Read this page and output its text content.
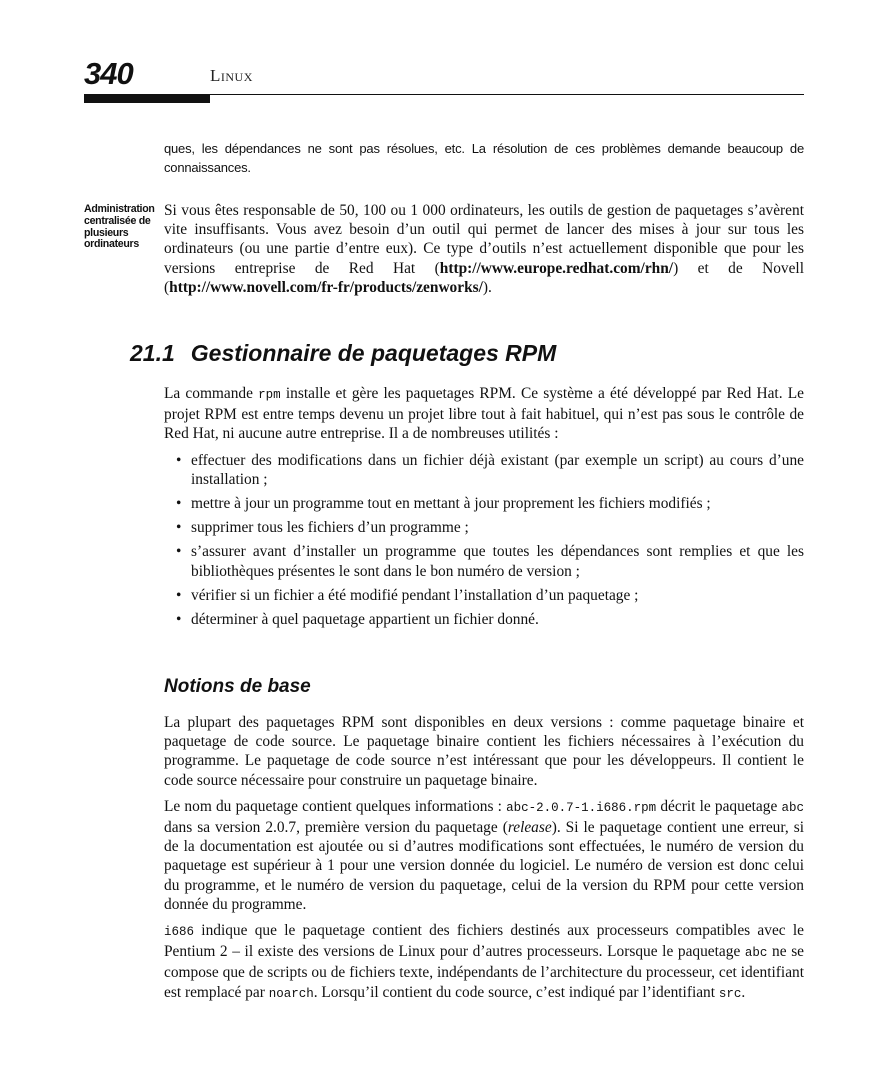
340	Linux

ques, les dépendances ne sont pas résolues, etc. La résolution de ces problèmes demande beaucoup de connaissances.

Administration centralisée de plusieurs ordinateurs

Si vous êtes responsable de 50, 100 ou 1 000 ordinateurs, les outils de gestion de paquetages s’avèrent vite insuffisants. Vous avez besoin d’un outil qui permet de lancer des mises à jour sur tous les ordinateurs (ou une partie d’entre eux). Ce type d’outils n’est actuellement disponible que pour les versions entreprise de Red Hat (http://www.europe.redhat.com/rhn/) et de Novell (http://www.novell.com/fr-fr/products/zenworks/).

21.1 Gestionnaire de paquetages RPM

La commande rpm installe et gère les paquetages RPM. Ce système a été développé par Red Hat. Le projet RPM est entre temps devenu un projet libre tout à fait habituel, qui n’est pas sous le contrôle de Red Hat, ni aucune autre entreprise. Il a de nombreuses utilités :

• effectuer des modifications dans un fichier déjà existant (par exemple un script) au cours d’une installation ;
• mettre à jour un programme tout en mettant à jour proprement les fichiers modifiés ;
• supprimer tous les fichiers d’un programme ;
• s’assurer avant d’installer un programme que toutes les dépendances sont remplies et que les bibliothèques présentes le sont dans le bon numéro de version ;
• vérifier si un fichier a été modifié pendant l’installation d’un paquetage ;
• déterminer à quel paquetage appartient un fichier donné.
Notions de base

La plupart des paquetages RPM sont disponibles en deux versions : comme paquetage binaire et paquetage de code source. Le paquetage binaire contient les fichiers nécessaires à l’exécution du programme. Le paquetage de code source n’est intéressant que pour les développeurs. Il contient le code source nécessaire pour construire un paquetage binaire.

Le nom du paquetage contient quelques informations : abc-2.0.7-1.i686.rpm décrit le paquetage abc dans sa version 2.0.7, première version du paquetage (release). Si le paquetage contient une erreur, si de la documentation est ajoutée ou si d’autres modifications sont effectuées, le numéro de version du paquetage est supérieur à 1 pour une version donnée du logiciel. Le numéro de version est donc celui du programme, et le numéro de version du paquetage, celui de la version du RPM pour cette version donnée du programme.

i686 indique que le paquetage contient des fichiers destinés aux processeurs compatibles avec le Pentium 2 – il existe des versions de Linux pour d’autres processeurs. Lorsque le paquetage abc ne se compose que de scripts ou de fichiers texte, indépendants de l’architecture du processeur, cet identifiant est remplacé par noarch. Lorsqu’il contient du code source, c’est indiqué par l’identifiant src.
